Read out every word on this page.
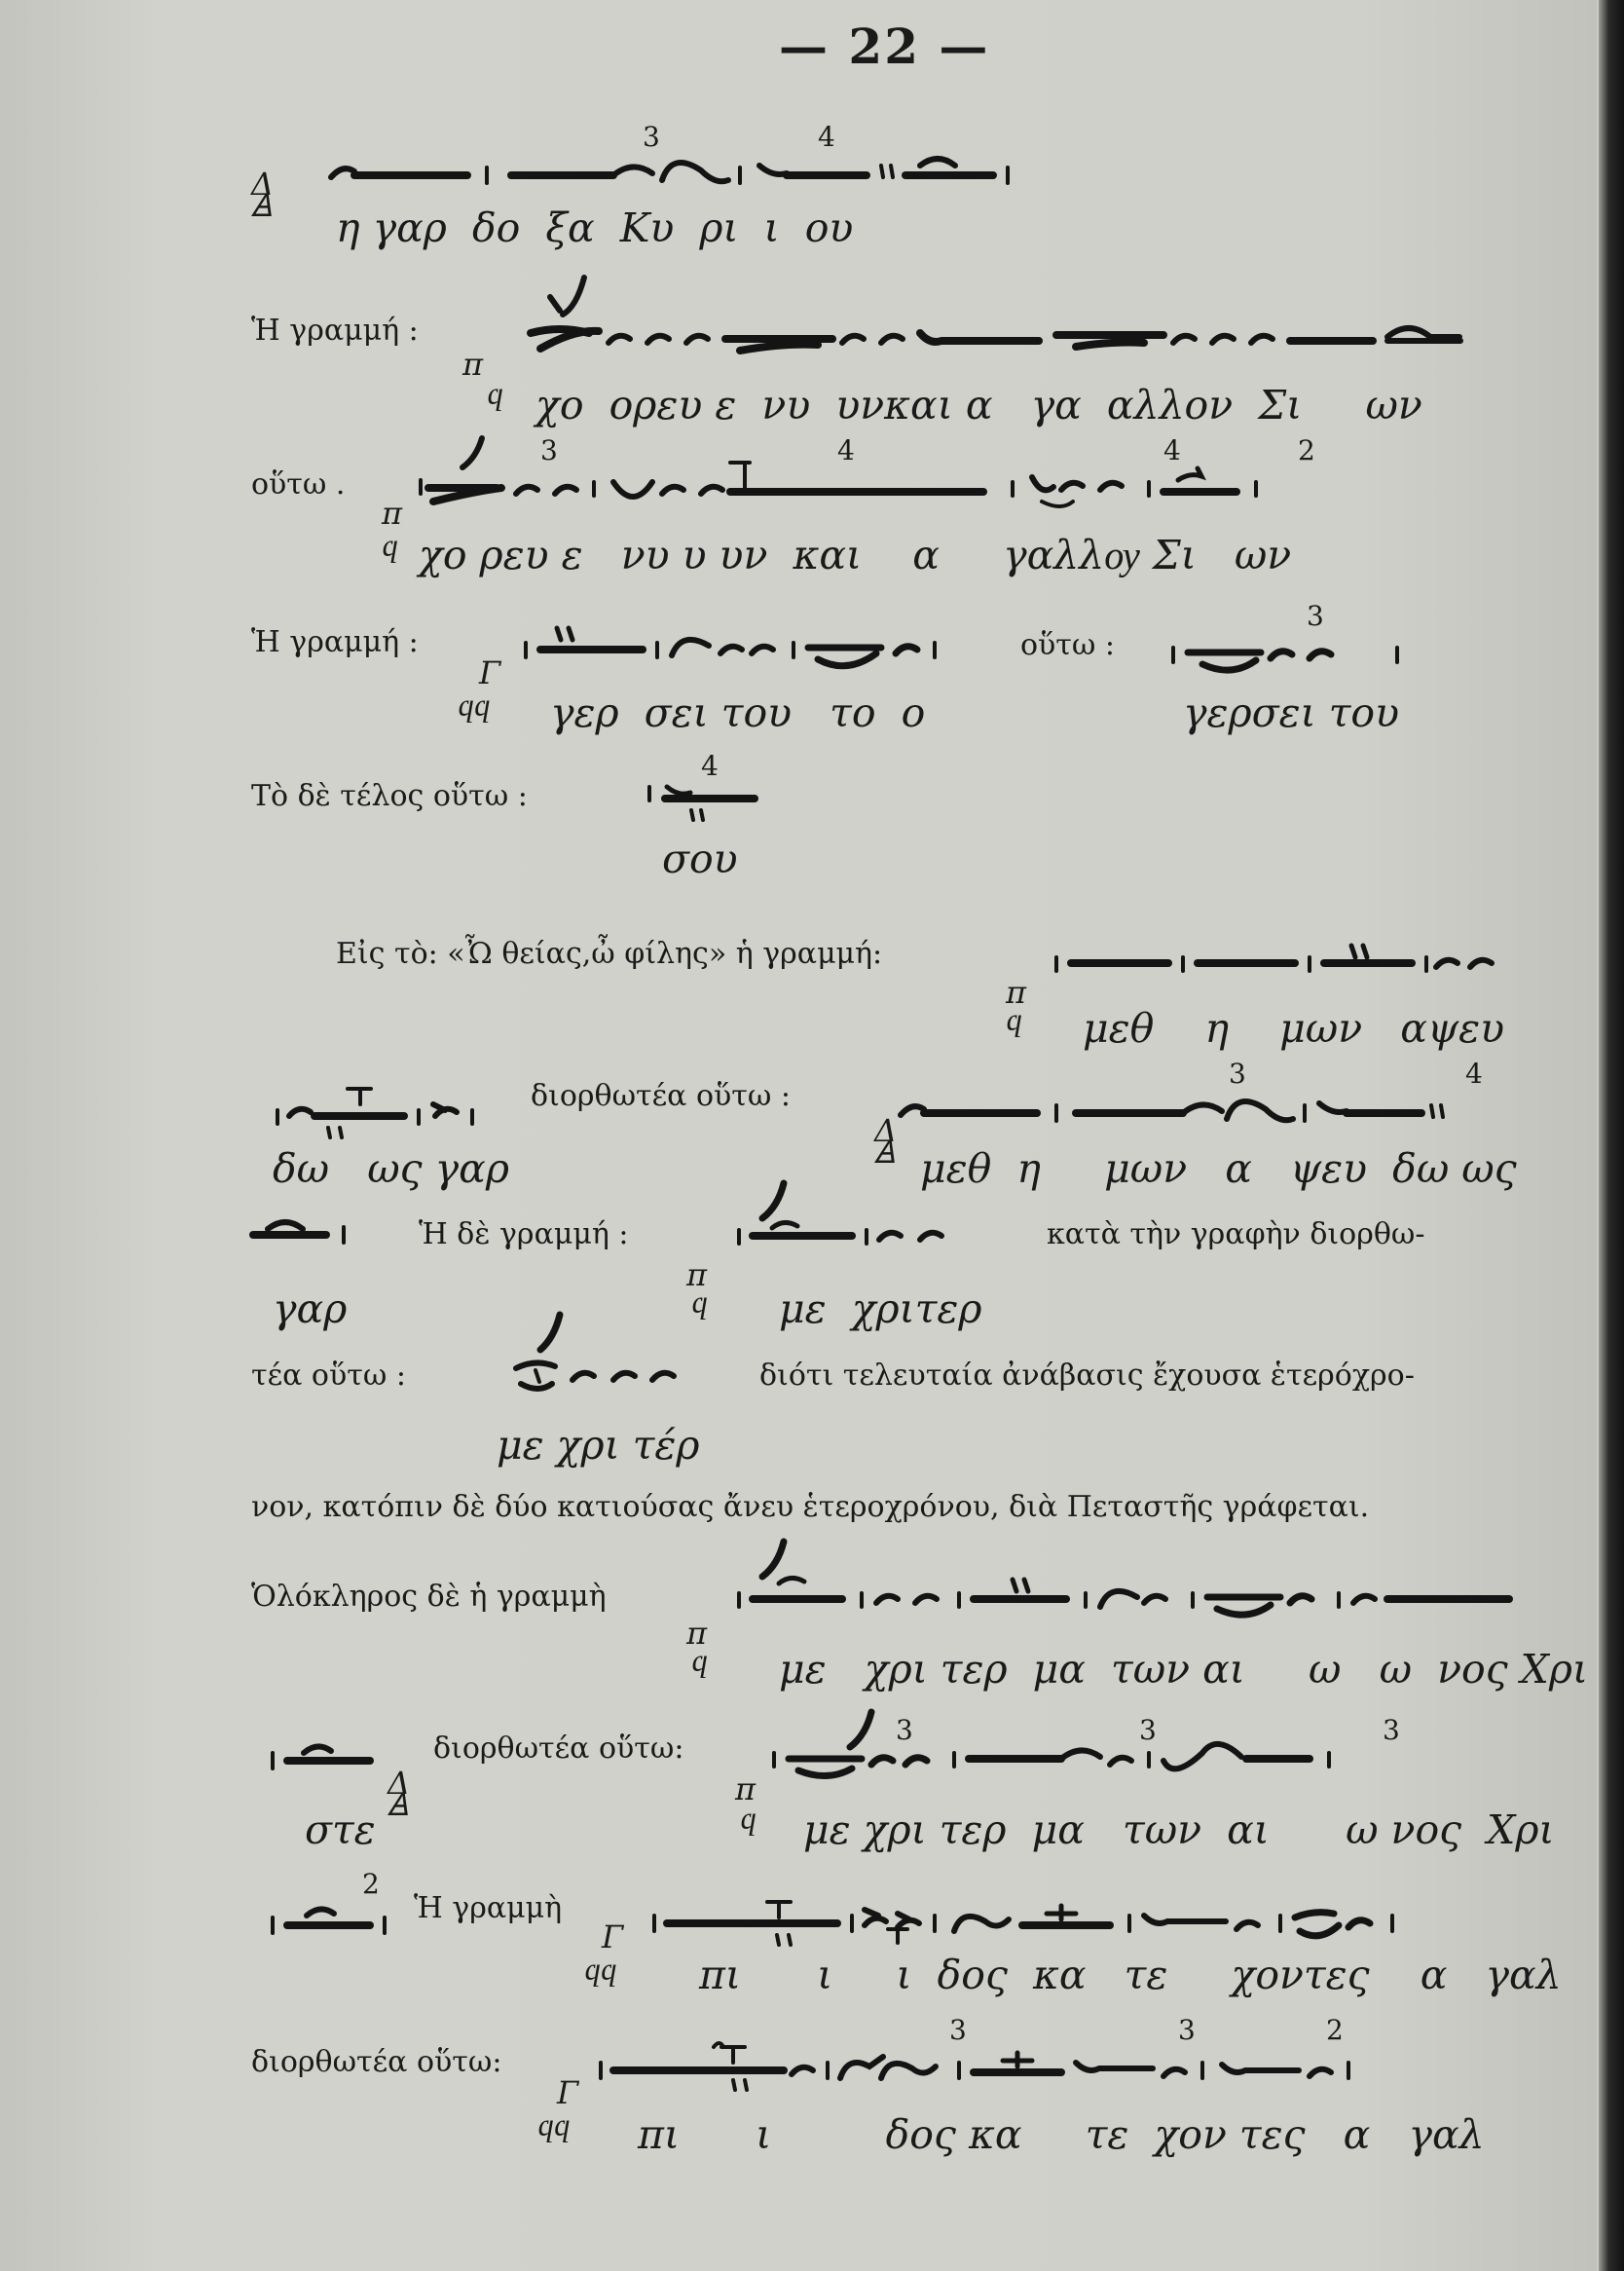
— 22 —
3	4
Δ
Ꙙ η γαρ  δο  ξα  Κυ  ρι  ι  ου
Ἡ γραμμή :
π
ϥ χο  ορευ ε  νυ  υνκαι α   γα  αλλον  Σι     ων
οὕτω .
3	4	4	2
π
ϥ χο ρευ ε   νυ υ υν  και    α     γαλλѹ Σι   ων
Ἡ γραμμή :
Γ
ϥϥ γερ  σει του   το  ο
οὕτω :
3
γερσει του
Τὸ δὲ τέλος οὕτω :
4
σου
Εἰς τὸ: «Ὦ θείας,ὦ φίλης» ἡ γραμμή:
π
ϥ μεθ    η    μων   αψευ
διορθωτέα οὕτω :
3	4
Δ
Ꙙ
δω   ως γαρ	μεθ  η     μων   α   ψευ  δω ως
Ἡ δὲ γραμμή :	κατὰ τὴν γραφὴν διορθω-
π
ϥ
γαρ	με  χριτερ
τέα οὕτω :	διότι τελευταία ἀνάβασις ἔχουσα ἑτερόχρο-
με χρι τέρ
νον, κατόπιν δὲ δύο κατιούσας ἄνευ ἑτεροχρόνου, διὰ Πεταστῆς γράφεται.
Ὁλόκληρος δὲ ἡ γραμμὴ
π
ϥ με   χρι τερ  μα  των αι     ω   ω  νος Χρι
διορθωτέα οὕτω:
Δ
Ꙙ
3	3	3
π
ϥ
στε	με χρι τερ  μα   των  αι      ω νος  Χρι
2
Ἡ γραμμὴ
Γ
ϥϥ πι      ι     ι  δος  κα   τε     χοντες    α   γαλ
διορθωτέα οὕτω:
3	3	2
Γ
ϥϥ πι      ι         δος κα     τε  χον τες   α   γαλ
